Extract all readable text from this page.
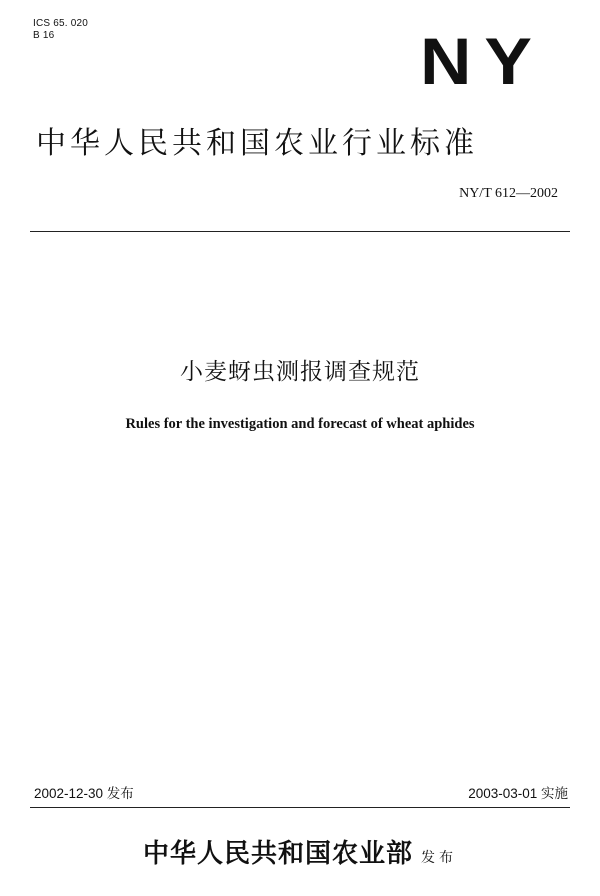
ICS 65. 020
B 16	NY
中华人民共和国农业行业标准
NY/T 612—2002
小麦蚜虫测报调查规范
Rules for the investigation and forecast of wheat aphides
2002-12-30 发布	2003-03-01 实施
中华人民共和国农业部 发布
